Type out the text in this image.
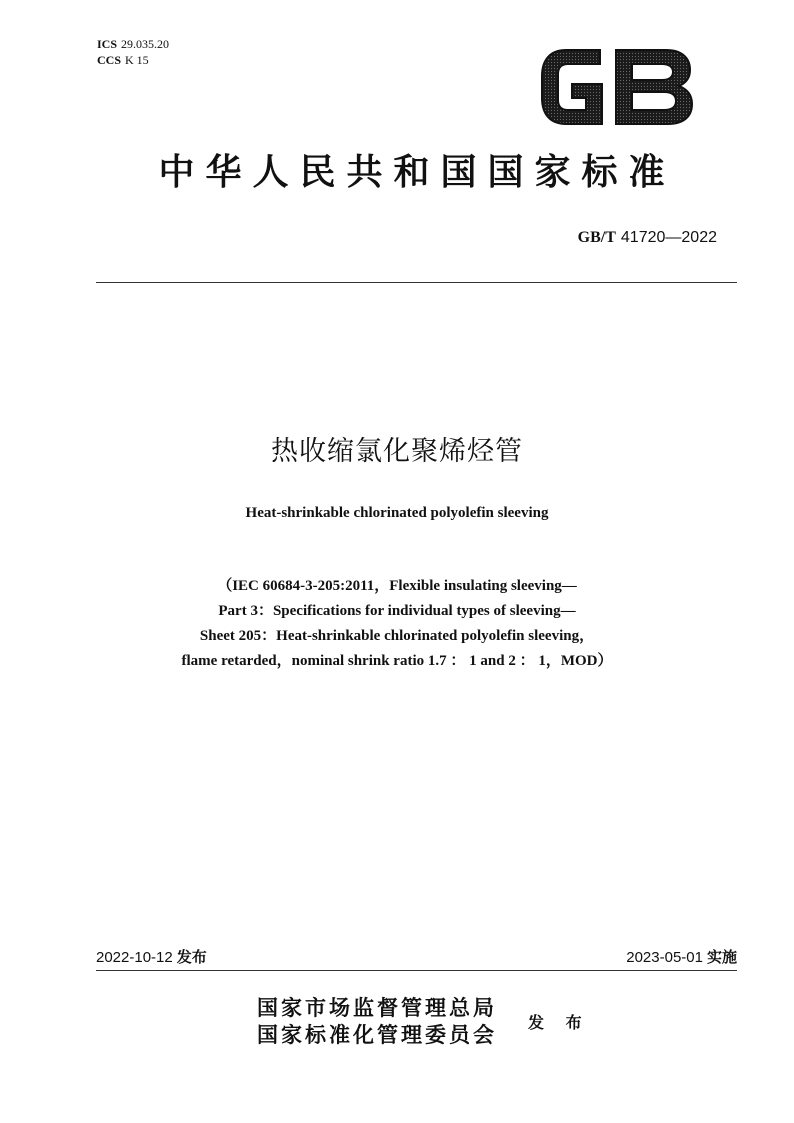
ICS 29.035.20
CCS K 15
中华人民共和国国家标准
GB/T 41720—2022
热收缩氯化聚烯烃管
Heat-shrinkable chlorinated polyolefin sleeving
（IEC 60684-3-205:2011，Flexible insulating sleeving—
Part 3：Specifications for individual types of sleeving—
Sheet 205：Heat-shrinkable chlorinated polyolefin sleeving，
flame retarded，nominal shrink ratio 1.7 ： 1 and 2 ： 1，MOD）
2022-10-12 发布	2023-05-01 实施
国家市场监督管理总局
国家标准化管理委员会 发 布
